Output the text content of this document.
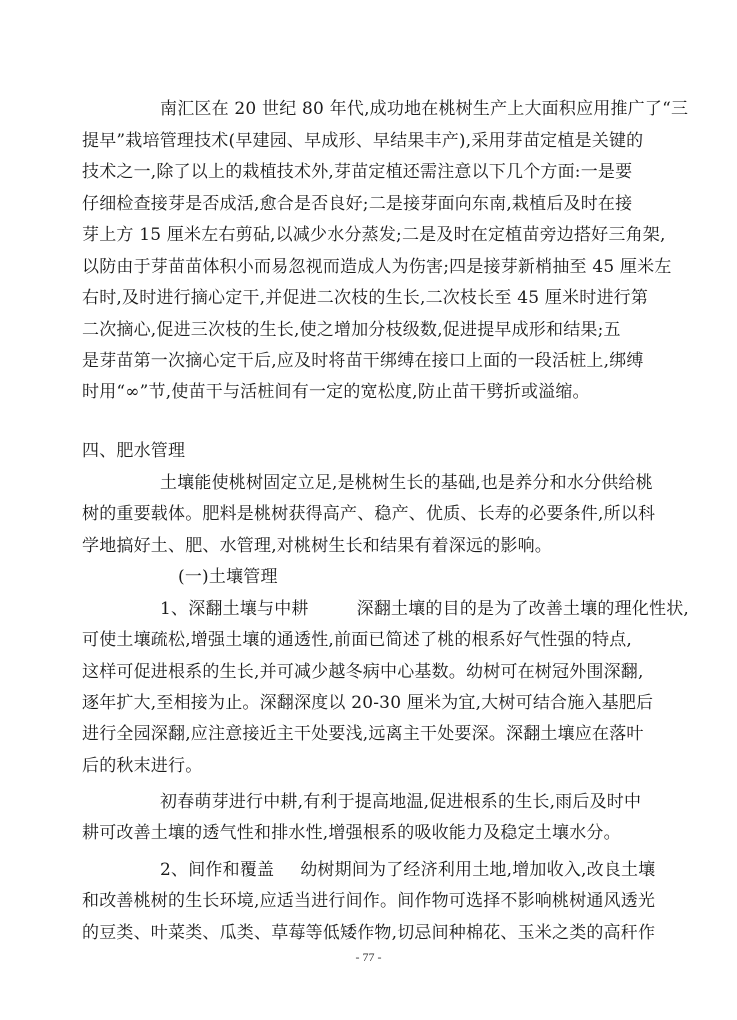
南汇区在 20 世纪 80 年代,成功地在桃树生产上大面积应用推广了“三
提早”栽培管理技术(早建园、早成形、早结果丰产),采用芽苗定植是关键的
技术之一,除了以上的栽植技术外,芽苗定植还需注意以下几个方面:一是要
仔细检查接芽是否成活,愈合是否良好;二是接芽面向东南,栽植后及时在接
芽上方 15 厘米左右剪砧,以减少水分蒸发;二是及时在定植苗旁边搭好三角架,
以防由于芽苗苗体积小而易忽视而造成人为伤害;四是接芽新梢抽至 45 厘米左
右时,及时进行摘心定干,并促进二次枝的生长,二次枝长至 45 厘米时进行第
二次摘心,促进三次枝的生长,使之增加分枝级数,促进提早成形和结果;五
是芽苗第一次摘心定干后,应及时将苗干绑缚在接口上面的一段活桩上,绑缚
时用“∞”节,使苗干与活桩间有一定的宽松度,防止苗干劈折或溢缩。
四、肥水管理
土壤能使桃树固定立足,是桃树生长的基础,也是养分和水分供给桃
树的重要载体。肥料是桃树获得高产、稳产、优质、长寿的必要条件,所以科
学地搞好土、肥、水管理,对桃树生长和结果有着深远的影响。
(一)土壤管理
1、深翻土壤与中耕	深翻土壤的目的是为了改善土壤的理化性状,
可使土壤疏松,增强土壤的通透性,前面已简述了桃的根系好气性强的特点,
这样可促进根系的生长,并可减少越冬病中心基数。幼树可在树冠外围深翻,
逐年扩大,至相接为止。深翻深度以 20-30 厘米为宜,大树可结合施入基肥后
进行全园深翻,应注意接近主干处要浅,远离主干处要深。深翻土壤应在落叶
后的秋末进行。
初春萌芽进行中耕,有利于提高地温,促进根系的生长,雨后及时中
耕可改善土壤的透气性和排水性,增强根系的吸收能力及稳定土壤水分。
2、间作和覆盖 幼树期间为了经济利用土地,增加收入,改良土壤
和改善桃树的生长环境,应适当进行间作。间作物可选择不影响桃树通风透光
的豆类、叶菜类、瓜类、草莓等低矮作物,切忌间种棉花、玉米之类的高秆作
- 77 -
